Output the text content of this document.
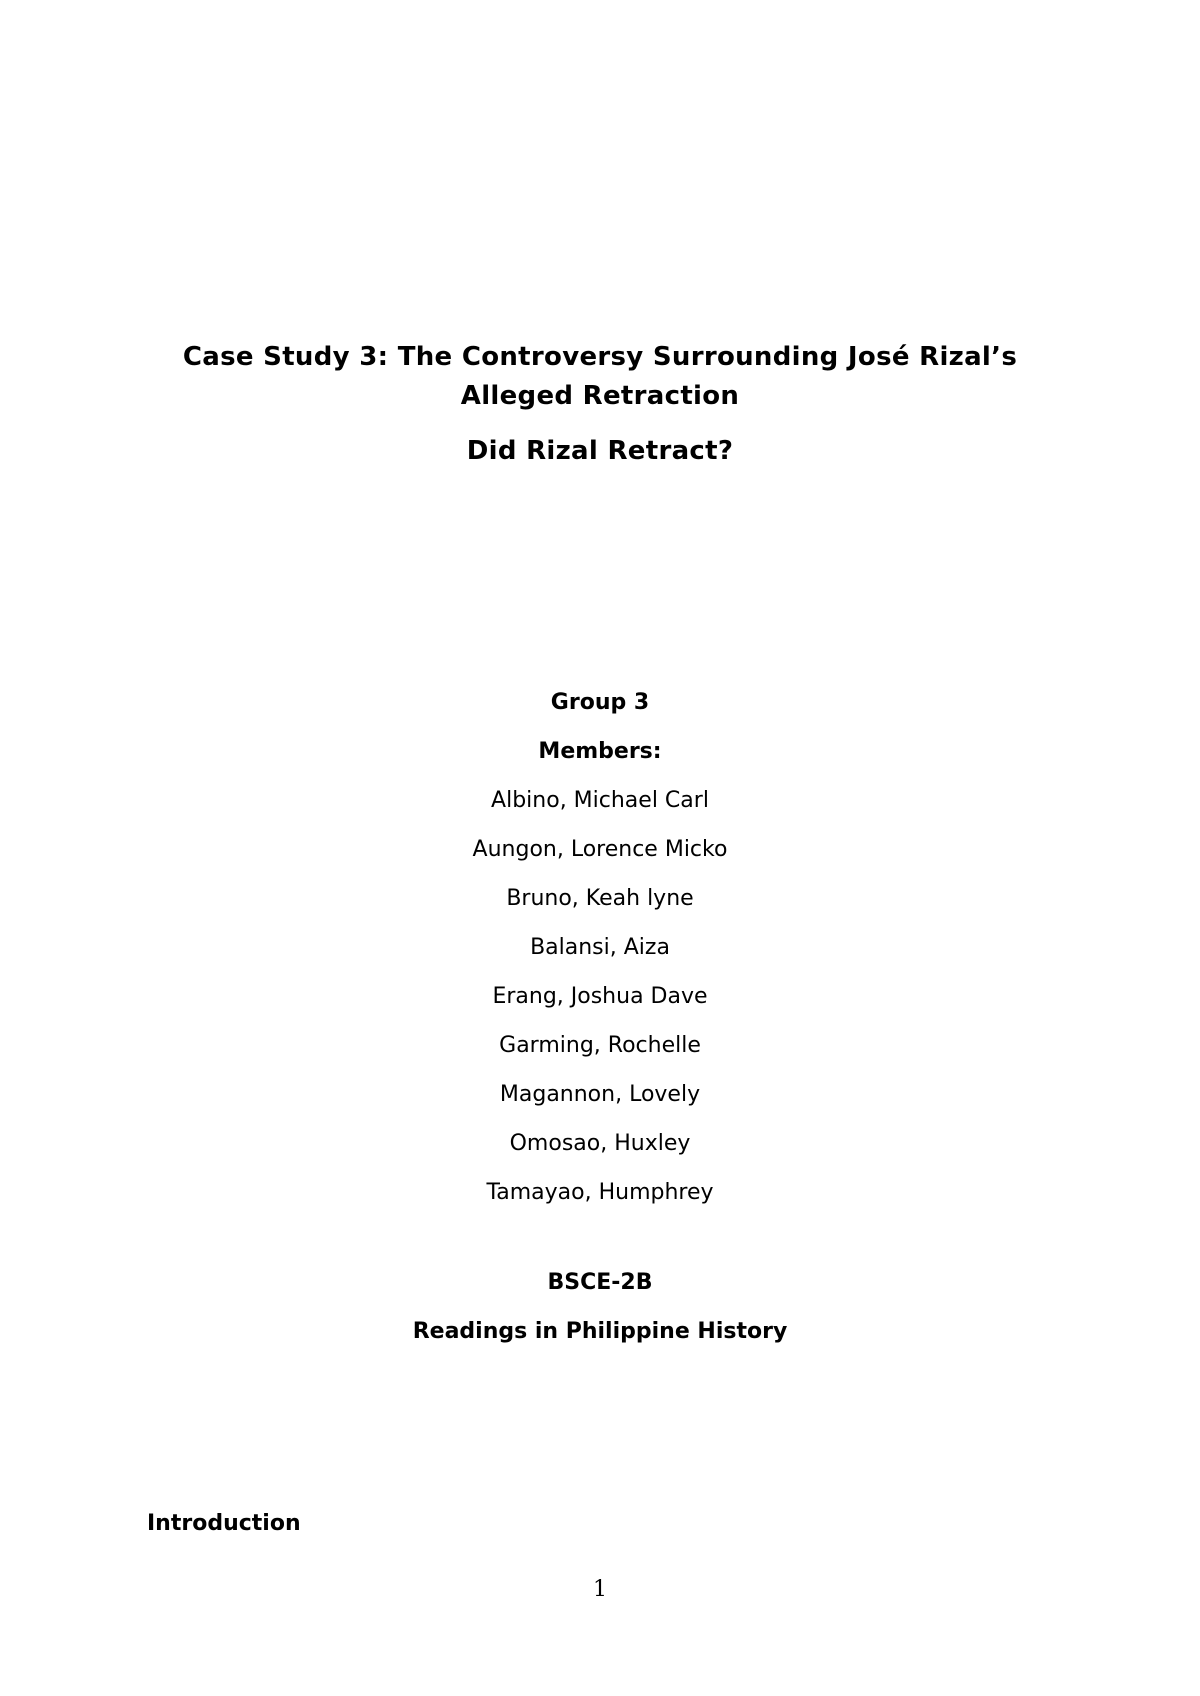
Case Study 3: The Controversy Surrounding José Rizal’s
Alleged Retraction

Did Rizal Retract?

Group 3

Members:

Albino, Michael Carl
Aungon, Lorence Micko
Bruno, Keah lyne
Balansi, Aiza
Erang, Joshua Dave
Garming, Rochelle
Magannon, Lovely
Omosao, Huxley
Tamayao, Humphrey

BSCE-2B

Readings in Philippine History

Introduction

1
